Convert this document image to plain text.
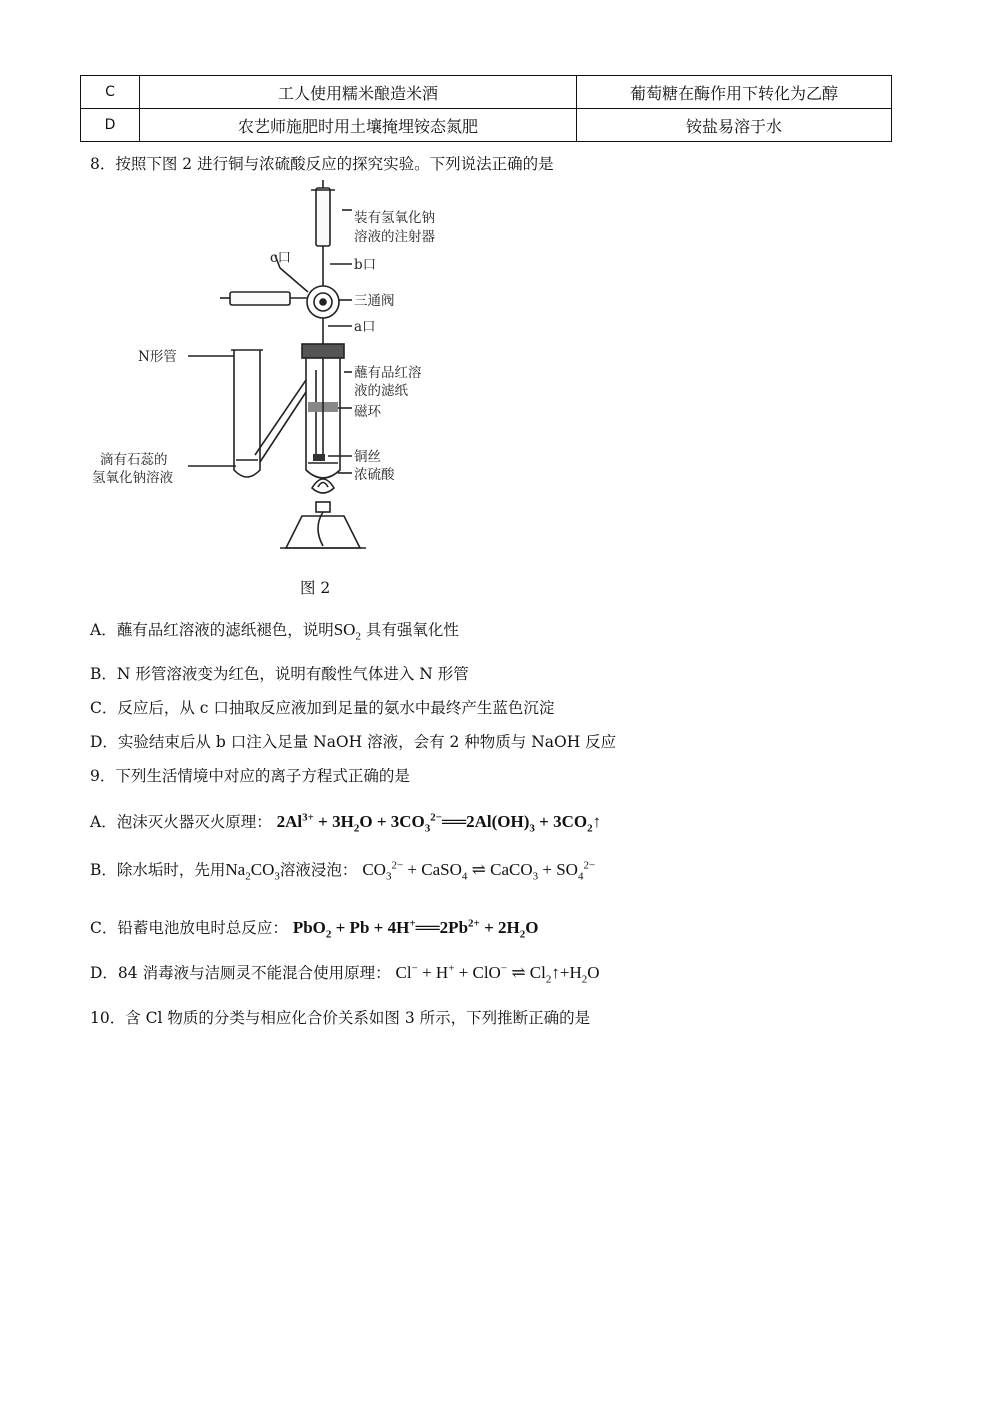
C	工人使用糯米酿造米酒	葡萄糖在酶作用下转化为乙醇
D	农艺师施肥时用土壤掩埋铵态氮肥	铵盐易溶于水
8．按照下图 2 进行铜与浓硫酸反应的探究实验。下列说法正确的是
装有氢氧化钠
溶液的注射器
c口	b口
三通阀
a口
N形管
蘸有品红溶
液的滤纸
磁环
铜丝
浓硫酸
滴有石蕊的
氢氧化钠溶液
图 2
A．蘸有品红溶液的滤纸褪色，说明$SO_2$ 具有强氧化性
B．N 形管溶液变为红色，说明有酸性气体进入 N 形管
C．反应后，从 c 口抽取反应液加到足量的氨水中最终产生蓝色沉淀
D．实验结束后从 b 口注入足量 NaOH 溶液，会有 2 种物质与 NaOH 反应
9．下列生活情境中对应的离子方程式正确的是
A．泡沫灭火器灭火原理： $2Al^{3+} + 3H_2O$ + $3CO_3^{2-}══2Al(OH)_3$ + $3CO_2↑$
B．除水垢时，先用$Na_2CO_3$溶液浸泡： $CO_3^{2-}$ + CaSO$_4$ ⇌ CaCO$_3$ + $SO_4^{2-}$
C．铅蓄电池放电时总反应： $PbO_2 + Pb + 4H^+══2Pb^{2+} + 2H_2O$
D．84 消毒液与洁厕灵不能混合使用原理： Cl− + H+ + ClO− ⇌ $Cl_2↑+H_2O$
10．含 Cl 物质的分类与相应化合价关系如图 3 所示，下列推断正确的是
